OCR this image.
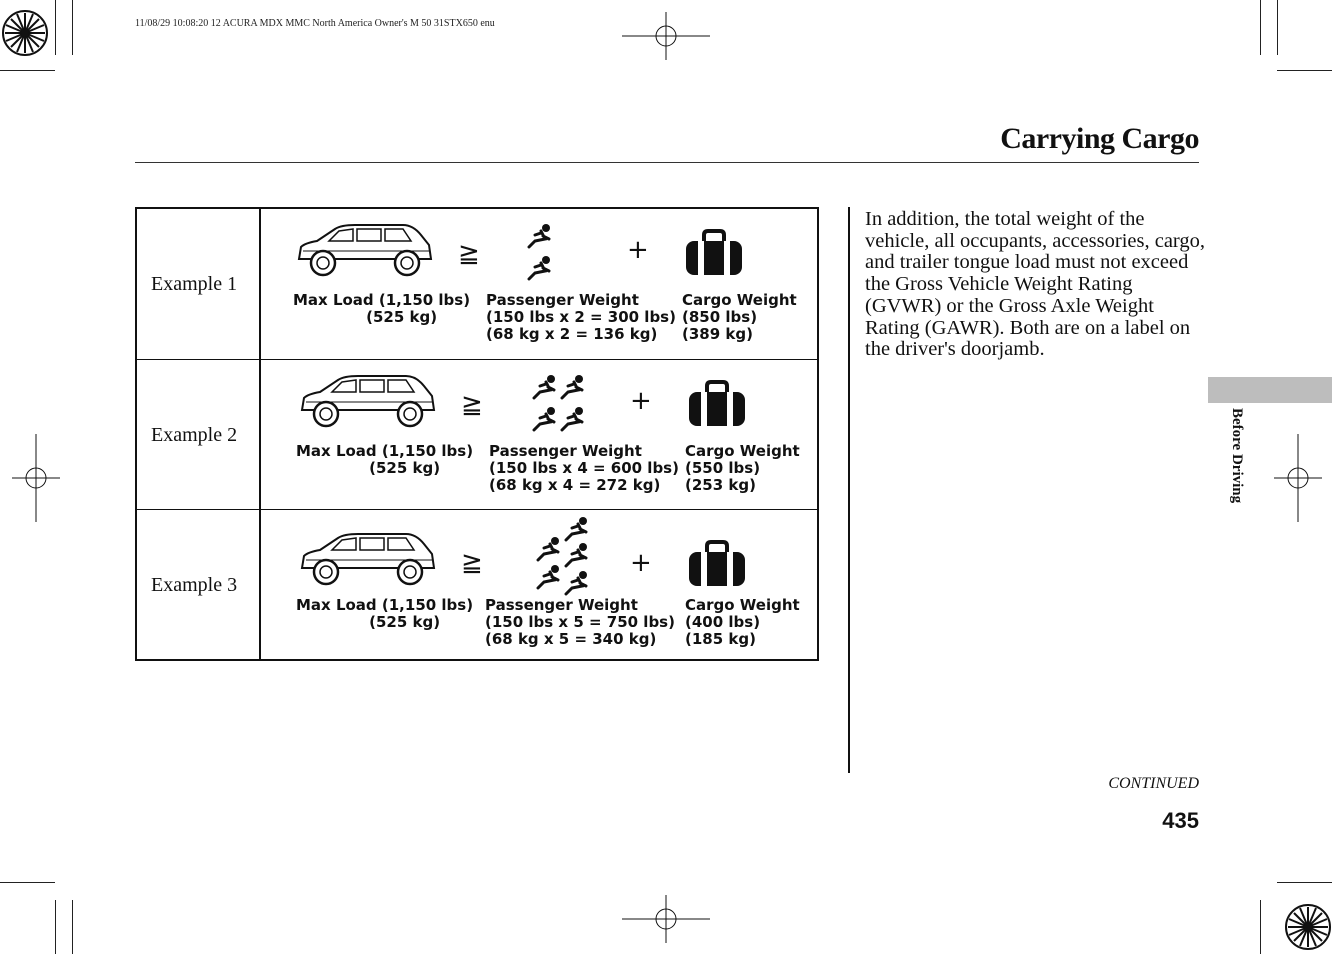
11/08/29 10:08:20 12 ACURA MDX MMC North America Owner's M 50 31STX650 enu
Carrying Cargo
Example 1
≧	+
Max Load (1,150 lbs)
(525 kg)
Passenger Weight
(150 lbs x 2 = 300 lbs)
(68 kg x 2 = 136 kg)
Cargo Weight
(850 lbs)
(389 kg)
Example 2
≧	+
Max Load (1,150 lbs)
(525 kg)
Passenger Weight
(150 lbs x 4 = 600 lbs)
(68 kg x 4 = 272 kg)
Cargo Weight
(550 lbs)
(253 kg)
Example 3
≧	+
Max Load (1,150 lbs)
(525 kg)
Passenger Weight
(150 lbs x 5 = 750 lbs)
(68 kg x 5 = 340 kg)
Cargo Weight
(400 lbs)
(185 kg)
In addition, the total weight of the vehicle, all occupants, accessories, cargo, and trailer tongue load must not exceed the Gross Vehicle Weight Rating (GVWR) or the Gross Axle Weight Rating (GAWR). Both are on a label on the driver's doorjamb.
CONTINUED
435
Before Driving
